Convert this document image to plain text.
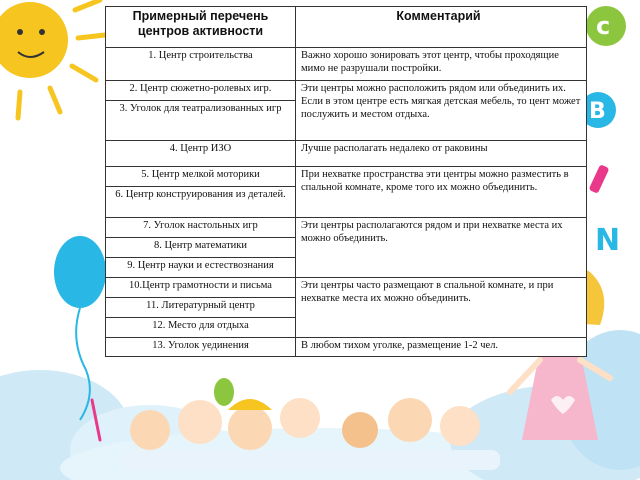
c
B
N
Примерный перечень центров активности
Комментарий
1. Центр строительства
2. Центр сюжетно-ролевых игр.
3. Уголок для театрализованных игр
4. Центр ИЗО
5. Центр мелкой моторики
6. Центр конструирования из деталей.
7. Уголок настольных игр
8. Центр математики
9. Центр науки и естествознания
10.Центр грамотности и письма
11. Литературный центр
12. Место для отдыха
13. Уголок уединения
Важно хорошо зонировать этот центр, чтобы проходящие мимо не разрушали постройки.
Эти центры можно расположить рядом или объединить их. Если в этом центре есть мягкая детская мебель, то цент может послужить и местом отдыха.
Лучше располагать недалеко от раковины
При нехватке пространства эти центры можно разместить в спальной комнате, кроме того их можно объединить.
Эти центры располагаются рядом и при нехватке места их можно объединить.
Эти центры часто размещают в спальной комнате, и при нехватке места их можно объединить.
В любом тихом уголке, размещение 1-2 чел.
